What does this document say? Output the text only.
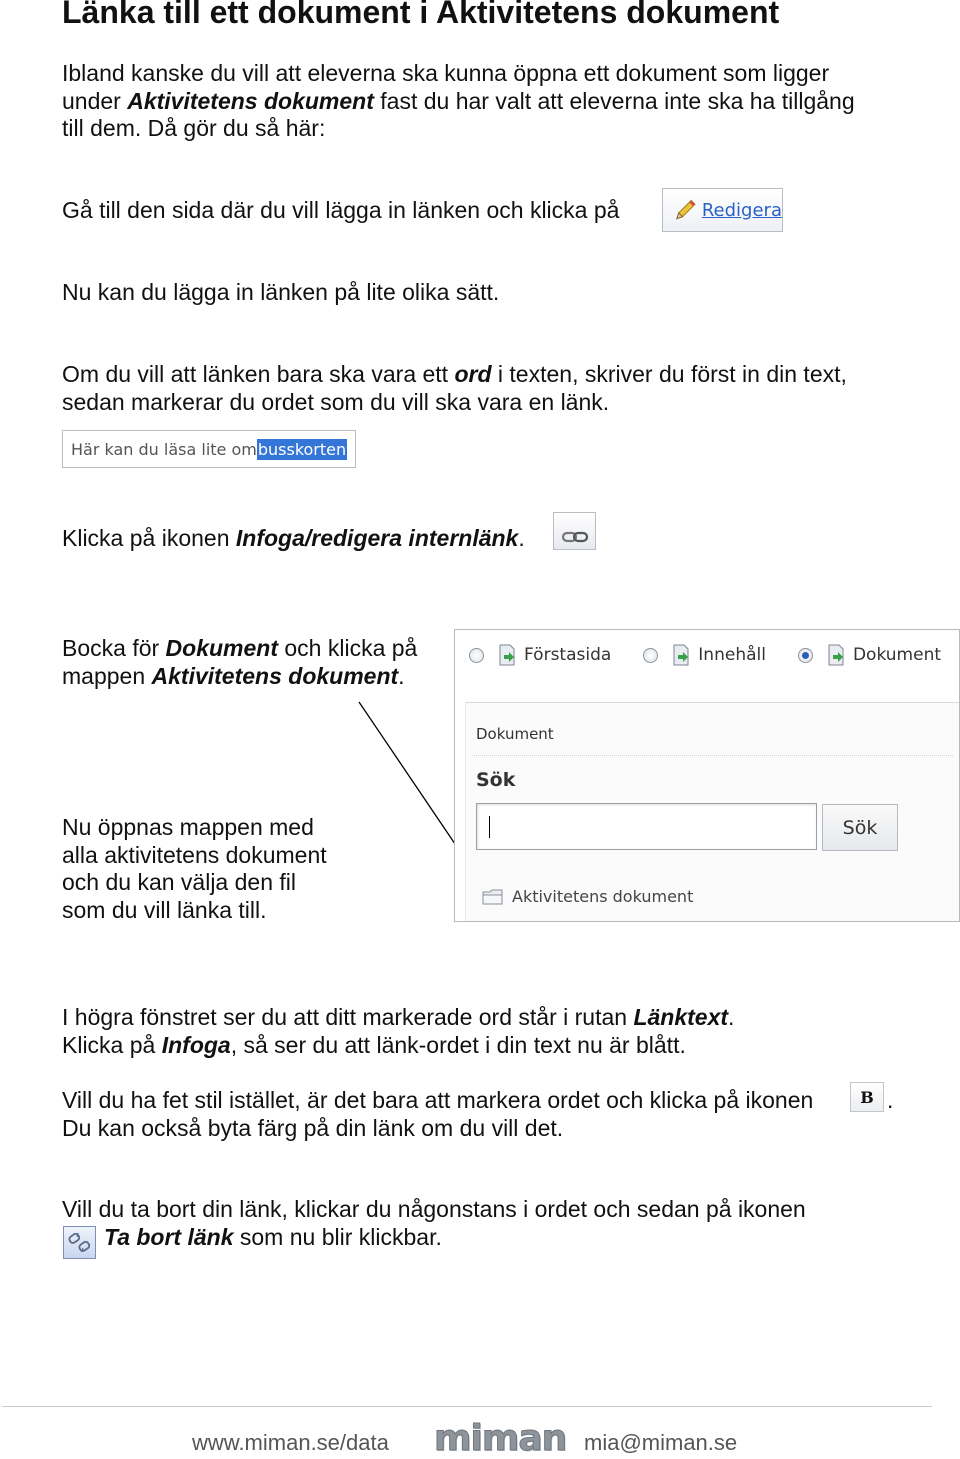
Länka till ett dokument i Aktivitetens dokument
Ibland kanske du vill att eleverna ska kunna öppna ett dokument som ligger
under Aktivitetens dokument fast du har valt att eleverna inte ska ha tillgång
till dem. Då gör du så här:
Gå till den sida där du vill lägga in länken och klicka på	Redigera
Nu kan du lägga in länken på lite olika sätt.
Om du vill att länken bara ska vara ett ord i texten, skriver du först in din text,
sedan markerar du ordet som du vill ska vara en länk.
Här kan du läsa lite om busskorten
Klicka på ikonen Infoga/redigera internlänk.
Bocka för Dokument och klicka på
mappen Aktivitetens dokument.
Nu öppnas mappen med
alla aktivitetens dokument
och du kan välja den fil
som du vill länka till.
Förstasida	Innehåll	Dokument
Dokument
Sök
Sök
Aktivitetens dokument
I högra fönstret ser du att ditt markerade ord står i rutan Länktext.
Klicka på Infoga, så ser du att länk-ordet i din text nu är blått.
Vill du ha fet stil istället, är det bara att markera ordet och klicka på ikonen
Du kan också byta färg på din länk om du vill det.
.
B
Vill du ta bort din länk, klickar du någonstans i ordet och sedan på ikonen
Ta bort länk som nu blir klickbar.
www.miman.se/data miman mia@miman.se
